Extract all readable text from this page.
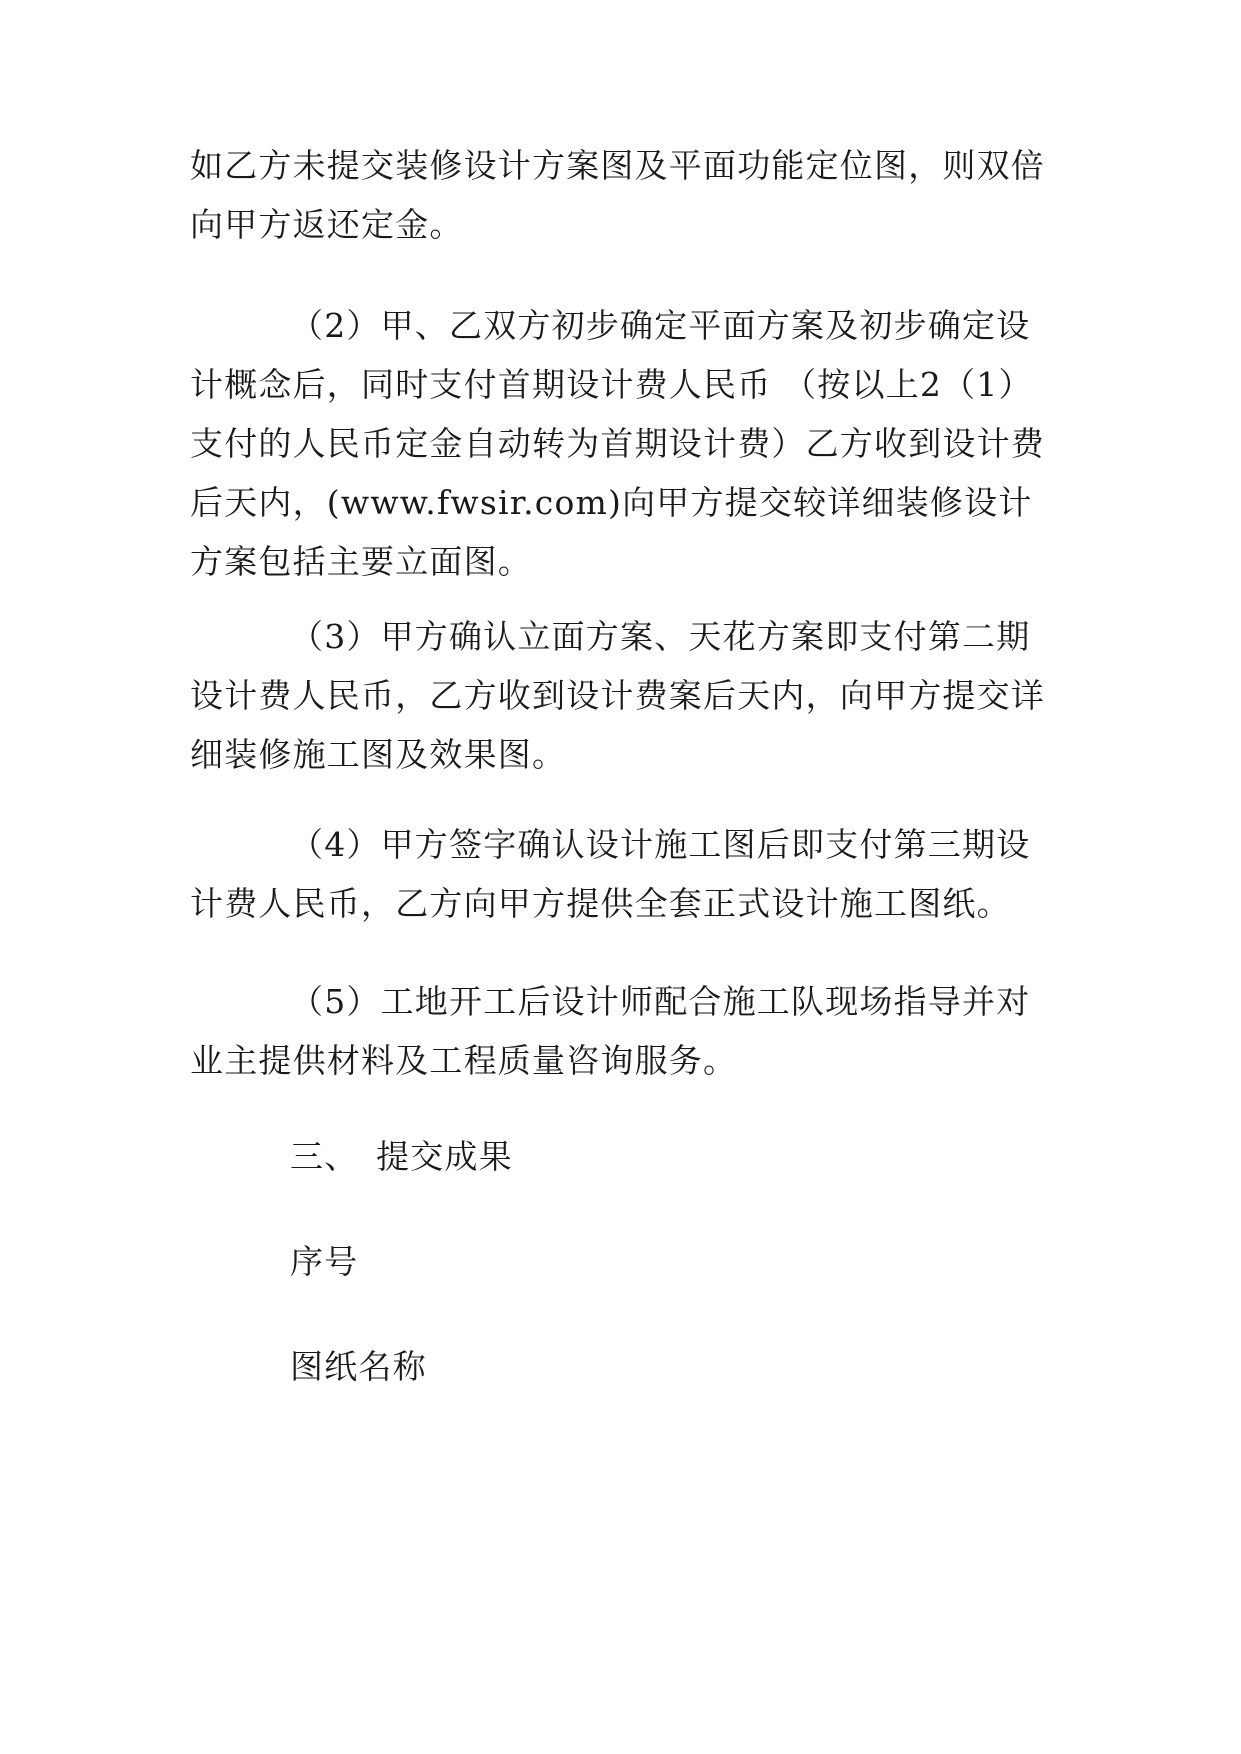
如乙方未提交装修设计方案图及平面功能定位图，则双倍向甲方返还定金。

（2）甲、乙双方初步确定平面方案及初步确定设计概念后，同时支付首期设计费人民币 （按以上2（1）支付的人民币定金自动转为首期设计费）乙方收到设计费后天内，(www.fwsir.com)向甲方提交较详细装修设计方案包括主要立面图。

（3）甲方确认立面方案、天花方案即支付第二期设计费人民币，乙方收到设计费案后天内，向甲方提交详细装修施工图及效果图。

（4）甲方签字确认设计施工图后即支付第三期设计费人民币，乙方向甲方提供全套正式设计施工图纸。

（5）工地开工后设计师配合施工队现场指导并对业主提供材料及工程质量咨询服务。

三、　提交成果

序号

图纸名称
